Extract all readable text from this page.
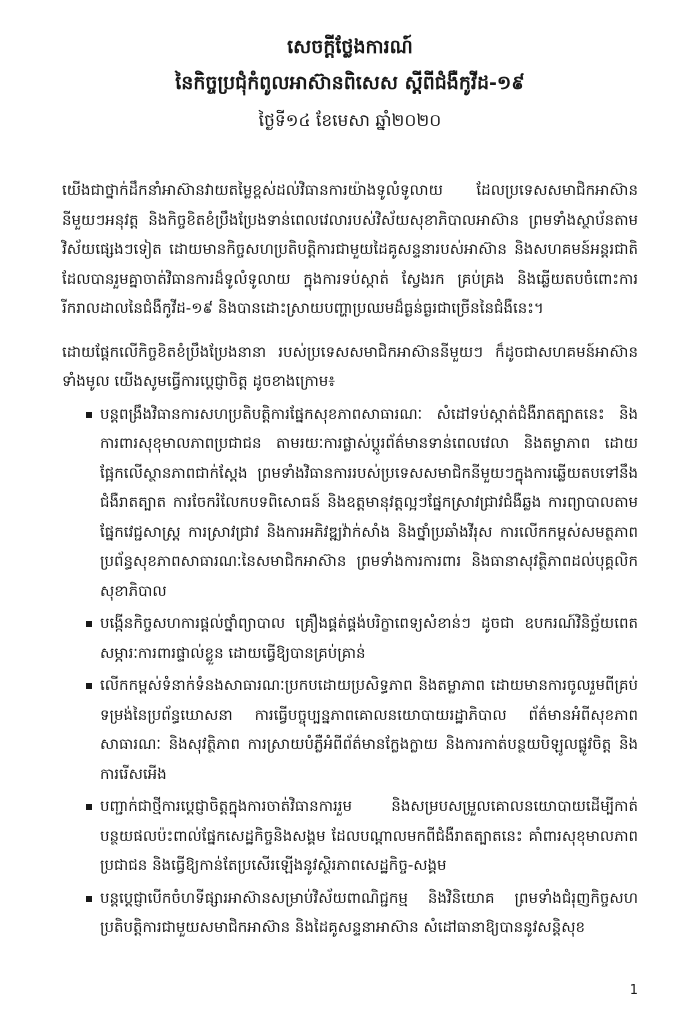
សេចក្ដីថ្លែងការណ៍
នៃកិច្ចប្រជុំកំពូលអាស៊ានពិសេស ស្ដីពីជំងឺកូវីដ-១៩
ថ្ងៃទី១៤ ខែមេសា ឆ្នាំ២០២០

យើងជាថ្នាក់ដឹកនាំអាស៊ានវាយតម្លៃខ្ពស់ដល់វិធានការយ៉ាងទូលំទូលាយ ដែលប្រទេសសមាជិកអាស៊ាននីមួយៗអនុវត្ត និងកិច្ចខិតខំប្រឹងប្រែងទាន់ពេលវេលារបស់វិស័យសុខាភិបាលអាស៊ាន ព្រមទាំងស្ថាប័នតាមវិស័យផ្សេងៗទៀត ដោយមានកិច្ចសហប្រតិបត្តិការជាមួយដៃគូសន្ទនារបស់អាស៊ាន និងសហគមន៍អន្តរជាតិដែលបានរួមគ្នាចាត់វិធានការដ៏ទូលំទូលាយ ក្នុងការទប់ស្កាត់ ស្វែងរក គ្រប់គ្រង និងឆ្លើយតបចំពោះការរីករាលដាលនៃជំងឺកូវីដ-១៩ និងបានដោះស្រាយបញ្ហាប្រឈមដ៏ធ្ងន់ធ្ងរជាច្រើននៃជំងឺនេះ។

ដោយផ្ដែកលើកិច្ចខិតខំប្រឹងប្រែងនានា របស់ប្រទេសសមាជិកអាស៊ាននីមួយៗ ក៏ដូចជាសហគមន៍អាស៊ានទាំងមូល យើងសូមធ្វើការប្ដេជ្ញាចិត្ត ដូចខាងក្រោម៖

បន្តពង្រឹងវិធានការសហប្រតិបត្តិការផ្នែកសុខភាពសាធារណៈ សំដៅទប់ស្កាត់ជំងឺរាតត្បាតនេះ និងការពារសុខុមាលភាពប្រជាជន តាមរយៈការផ្លាស់ប្ដូរព័ត៌មានទាន់ពេលវេលា និងតម្លាភាព ដោយផ្អែកលើស្ថានភាពជាក់ស្តែង ព្រមទាំងវិធានការរបស់ប្រទេសសមាជិកនីមួយៗក្នុងការឆ្លើយតបទៅនឹងជំងឺរាតត្បាត ការចែករំលែកបទពិសោធន៍ និងឧត្តមានុវត្តល្អៗផ្នែកស្រាវជ្រាវជំងឺឆ្លង ការព្យាបាលតាមផ្នែកវេជ្ជសាស្ត្រ ការស្រាវជ្រាវ និងការអភិវឌ្ឍវ៉ាក់សាំង និងថ្នាំប្រឆាំងវីរុស ការលើកកម្ពស់សមត្ថភាពប្រព័ន្ធសុខភាពសាធារណៈនៃសមាជិកអាស៊ាន ព្រមទាំងការការពារ និងធានាសុវត្ថិភាពដល់បុគ្គលិកសុខាភិបាល
បង្កើនកិច្ចសហការផ្ដល់ថ្នាំព្យាបាល គ្រឿងផ្គត់ផ្គង់បរិក្ខាពេទ្យសំខាន់ៗ ដូចជា ឧបករណ៍វិនិច្ឆ័យពេត សម្ភារៈការពារផ្ទាល់ខ្លួន ដោយធ្វើឱ្យបានគ្រប់គ្រាន់
លើកកម្ពស់ទំនាក់ទំនងសាធារណៈប្រកបដោយប្រសិទ្ធភាព និងតម្លាភាព ដោយមានការចូលរួមពីគ្រប់ទម្រង់នៃប្រព័ន្ធឃោសនា ការធ្វើបច្ចុប្បន្នភាពគោលនយោបាយរដ្ឋាភិបាល ព័ត៌មានអំពីសុខភាពសាធារណៈ និងសុវត្ថិភាព ការស្រាយបំភ្លឺអំពីព័ត៌មានក្លែងក្លាយ និងការកាត់បន្ថយបិឡូលផ្លូវចិត្ត និងការរើសអើង
បញ្ជាក់ជាថ្មីការប្ដេជ្ញាចិត្តក្នុងការចាត់វិធានការរួម និងសម្របសម្រួលគោលនយោបាយដើម្បីកាត់បន្ថយផលប៉ះពាល់ផ្នែកសេដ្ឋកិច្ចនិងសង្គម ដែលបណ្ដាលមកពីជំងឺរាតត្បាតនេះ គាំពារសុខុមាលភាពប្រជាជន និងធ្វើឱ្យកាន់តែប្រសើរឡើងនូវស្ថិរភាពសេដ្ឋកិច្ច-សង្គម
បន្តប្ដេជ្ញាបើកចំហទីផ្សារអាស៊ានសម្រាប់វិស័យពាណិជ្ជកម្ម និងវិនិយោគ ព្រមទាំងជំរុញកិច្ចសហប្រតិបត្តិការជាមួយសមាជិកអាស៊ាន និងដៃគូសន្ទនាអាស៊ាន សំដៅធានាឱ្យបាននូវសន្តិសុខ
1
